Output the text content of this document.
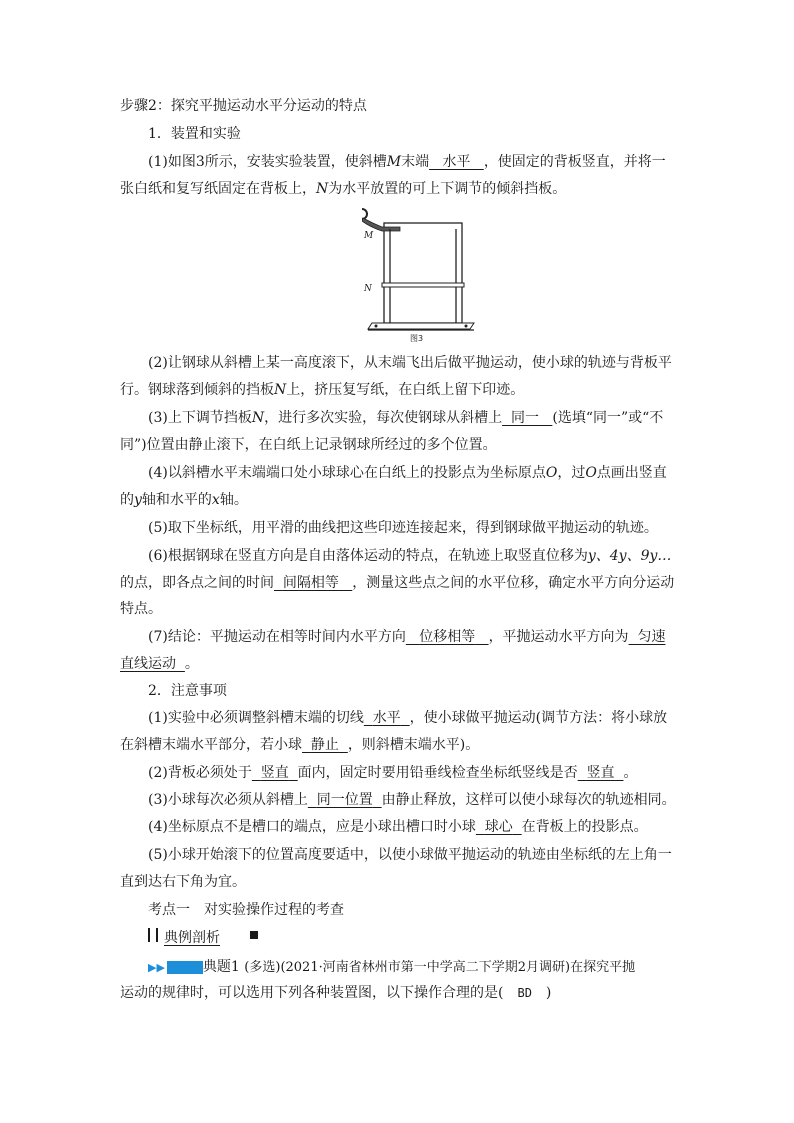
步骤2：探究平抛运动水平分运动的特点
1．装置和实验
(1)如图3所示，安装实验装置，使斜槽M末端 水平 ，使固定的背板竖直，并将一
张白纸和复写纸固定在背板上，N为水平放置的可上下调节的倾斜挡板。
M
N
图3
(2)让钢球从斜槽上某一高度滚下，从末端飞出后做平抛运动，使小球的轨迹与背板平
行。钢球落到倾斜的挡板N上，挤压复写纸，在白纸上留下印迹。
(3)上下调节挡板N，进行多次实验，每次使钢球从斜槽上 同一 (选填“同一”或“不
同”)位置由静止滚下，在白纸上记录钢球所经过的多个位置。
(4)以斜槽水平末端端口处小球球心在白纸上的投影点为坐标原点O，过O点画出竖直
的y轴和水平的x轴。
(5)取下坐标纸，用平滑的曲线把这些印迹连接起来，得到钢球做平抛运动的轨迹。
(6)根据钢球在竖直方向是自由落体运动的特点，在轨迹上取竖直位移为y、4y、9y…
的点，即各点之间的时间 间隔相等 ，测量这些点之间的水平位移，确定水平方向分运动
特点。
(7)结论：平抛运动在相等时间内水平方向 位移相等 ，平抛运动水平方向为 匀速
直线运动 。
2．注意事项
(1)实验中必须调整斜槽末端的切线 水平 ，使小球做平抛运动(调节方法：将小球放
在斜槽末端水平部分，若小球 静止 ，则斜槽末端水平)。
(2)背板必须处于 竖直 面内，固定时要用铅垂线检查坐标纸竖线是否 竖直 。
(3)小球每次必须从斜槽上 同一位置 由静止释放，这样可以使小球每次的轨迹相同。
(4)坐标原点不是槽口的端点，应是小球出槽口时小球 球心 在背板上的投影点。
(5)小球开始滚下的位置高度要适中，以使小球做平抛运动的轨迹由坐标纸的左上角一
直到达右下角为宜。
考点一　对实验操作过程的考查
典例剖析
▶▶	典题1 (多选)(2021·河南省林州市第一中学高二下学期2月调研)在探究平抛
运动的规律时，可以选用下列各种装置图，以下操作合理的是(　BD　)
